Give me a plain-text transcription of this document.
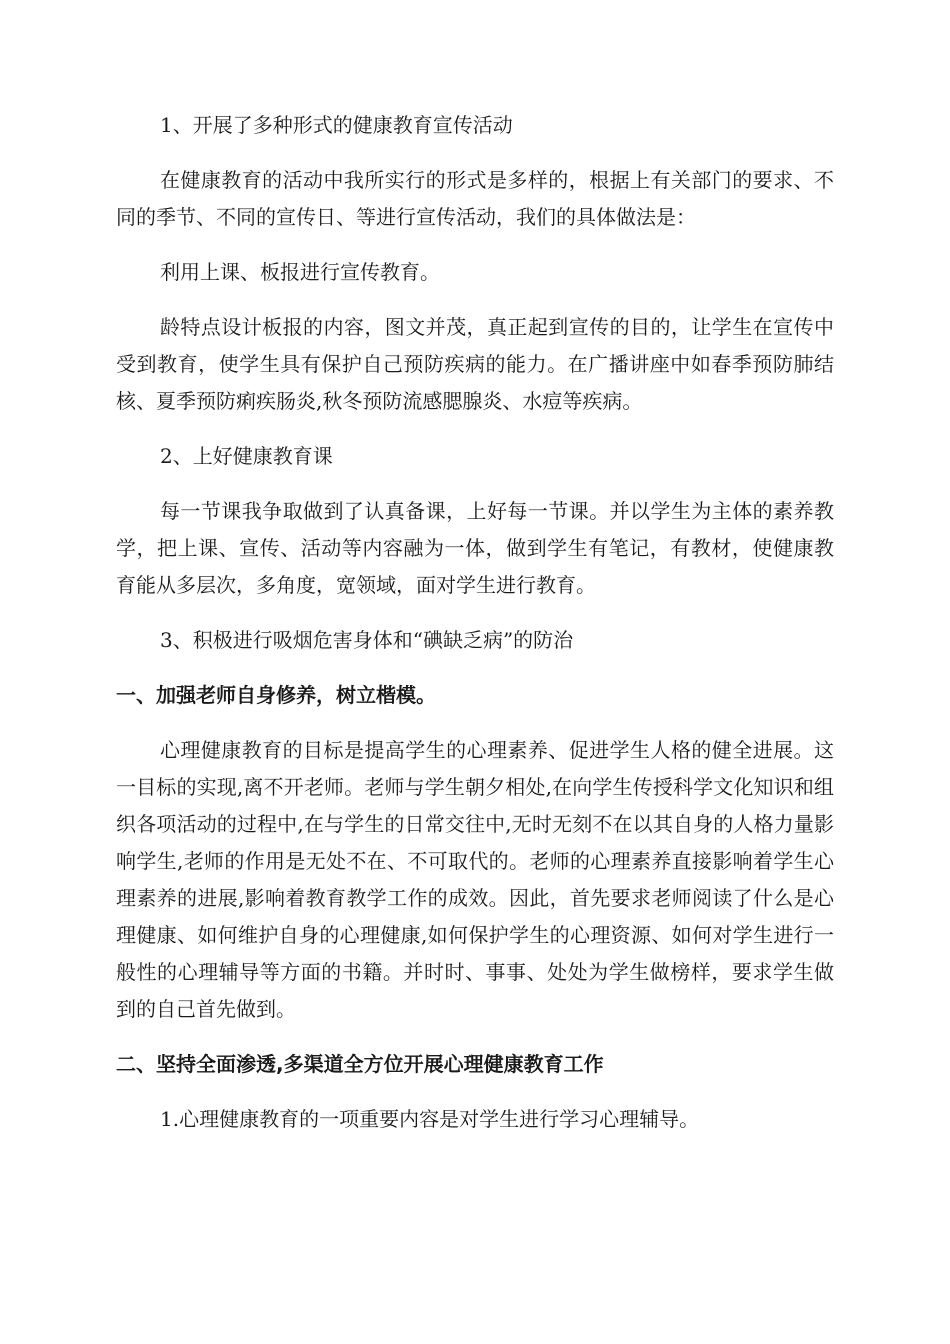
1、开展了多种形式的健康教育宣传活动

在健康教育的活动中我所实行的形式是多样的，根据上有关部门的要求、不同的季节、不同的宣传日、等进行宣传活动，我们的具体做法是：

利用上课、板报进行宣传教育。

龄特点设计板报的内容，图文并茂，真正起到宣传的目的，让学生在宣传中受到教育，使学生具有保护自己预防疾病的能力。在广播讲座中如春季预防肺结核、夏季预防痢疾肠炎,秋冬预防流感腮腺炎、水痘等疾病。

2、上好健康教育课

每一节课我争取做到了认真备课，上好每一节课。并以学生为主体的素养教学，把上课、宣传、活动等内容融为一体，做到学生有笔记，有教材，使健康教育能从多层次，多角度，宽领域，面对学生进行教育。

3、积极进行吸烟危害身体和“碘缺乏病”的防治

一、加强老师自身修养，树立楷模。

心理健康教育的目标是提高学生的心理素养、促进学生人格的健全进展。这一目标的实现,离不开老师。老师与学生朝夕相处,在向学生传授科学文化知识和组织各项活动的过程中,在与学生的日常交往中,无时无刻不在以其自身的人格力量影响学生,老师的作用是无处不在、不可取代的。老师的心理素养直接影响着学生心理素养的进展,影响着教育教学工作的成效。因此，首先要求老师阅读了什么是心理健康、如何维护自身的心理健康,如何保护学生的心理资源、如何对学生进行一般性的心理辅导等方面的书籍。并时时、事事、处处为学生做榜样，要求学生做到的自己首先做到。

二、坚持全面渗透,多渠道全方位开展心理健康教育工作

1.心理健康教育的一项重要内容是对学生进行学习心理辅导。
